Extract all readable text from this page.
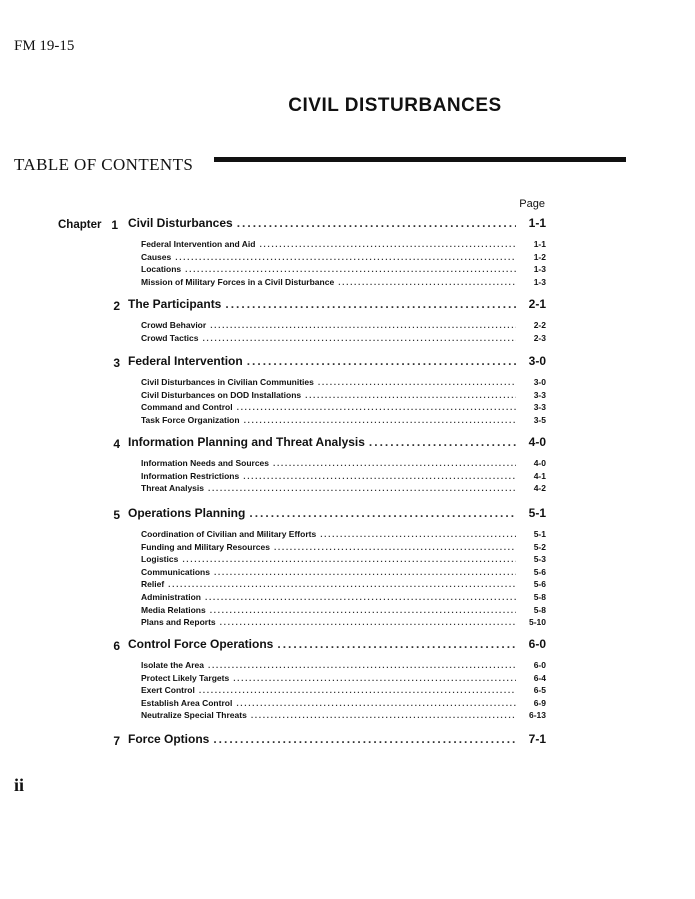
FM 19-15
CIVIL DISTURBANCES
TABLE OF CONTENTS
Page
Chapter 1 Civil Disturbances .....	1-1
Federal Intervention and Aid .....	1-1
Causes .....	1-2
Locations .....	1-3
Mission of Military Forces in a Civil Disturbance .....	1-3
2 The Participants .....	2-1
Crowd Behavior .....	2-2
Crowd Tactics .....	2-3
3 Federal Intervention .....	3-0
Civil Disturbances in Civilian Communities .....	3-0
Civil Disturbances on DOD Installations .....	3-3
Command and Control .....	3-3
Task Force Organization .....	3-5
4 Information Planning and Threat Analysis .....	4-0
Information Needs and Sources .....	4-0
Information Restrictions .....	4-1
Threat Analysis .....	4-2
5 Operations Planning .....	5-1
Coordination of Civilian and Military Efforts .....	5-1
Funding and Military Resources .....	5-2
Logistics .....	5-3
Communications .....	5-6
Relief .....	5-6
Administration .....	5-8
Media Relations .....	5-8
Plans and Reports .....	5-10
6 Control Force Operations .....	6-0
Isolate the Area .....	6-0
Protect Likely Targets .....	6-4
Exert Control .....	6-5
Establish Area Control .....	6-9
Neutralize Special Threats .....	6-13
7 Force Options .....	7-1
ii
